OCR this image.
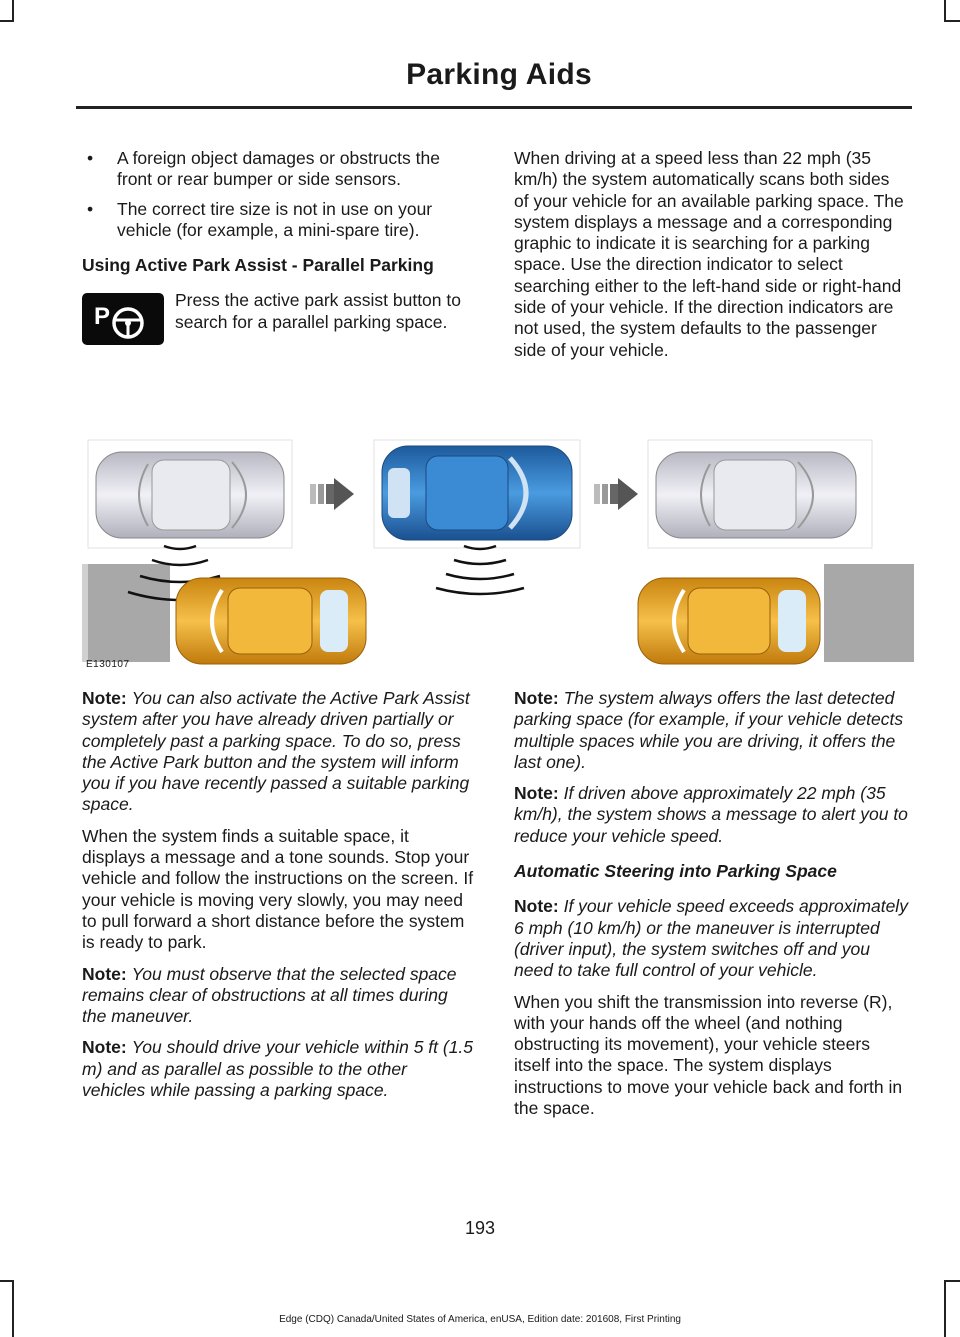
Parking Aids
• A foreign object damages or obstructs the front or rear bumper or side sensors.
• The correct tire size is not in use on your vehicle (for example, a mini-spare tire).
Using Active Park Assist - Parallel Parking
P
Press the active park assist button to search for a parallel parking space.
When driving at a speed less than 22 mph (35 km/h) the system automatically scans both sides of your vehicle for an available parking space. The system displays a message and a corresponding graphic to indicate it is searching for a parking space. Use the direction indicator to select searching either to the left-hand side or right-hand side of your vehicle. If the direction indicators are not used, the system defaults to the passenger side of your vehicle.
E130107
Note: You can also activate the Active Park Assist system after you have already driven partially or completely past a parking space. To do so, press the Active Park button and the system will inform you if you have recently passed a suitable parking space.
When the system finds a suitable space, it displays a message and a tone sounds. Stop your vehicle and follow the instructions on the screen. If your vehicle is moving very slowly, you may need to pull forward a short distance before the system is ready to park.
Note: You must observe that the selected space remains clear of obstructions at all times during the maneuver.
Note: You should drive your vehicle within 5 ft (1.5 m) and as parallel as possible to the other vehicles while passing a parking space.
Note: The system always offers the last detected parking space (for example, if your vehicle detects multiple spaces while you are driving, it offers the last one).
Note: If driven above approximately 22 mph (35 km/h), the system shows a message to alert you to reduce your vehicle speed.
Automatic Steering into Parking Space
Note: If your vehicle speed exceeds approximately 6 mph (10 km/h) or the maneuver is interrupted (driver input), the system switches off and you need to take full control of your vehicle.
When you shift the transmission into reverse (R), with your hands off the wheel (and nothing obstructing its movement), your vehicle steers itself into the space. The system displays instructions to move your vehicle back and forth in the space.
193
Edge (CDQ) Canada/United States of America, enUSA, Edition date: 201608, First Printing
